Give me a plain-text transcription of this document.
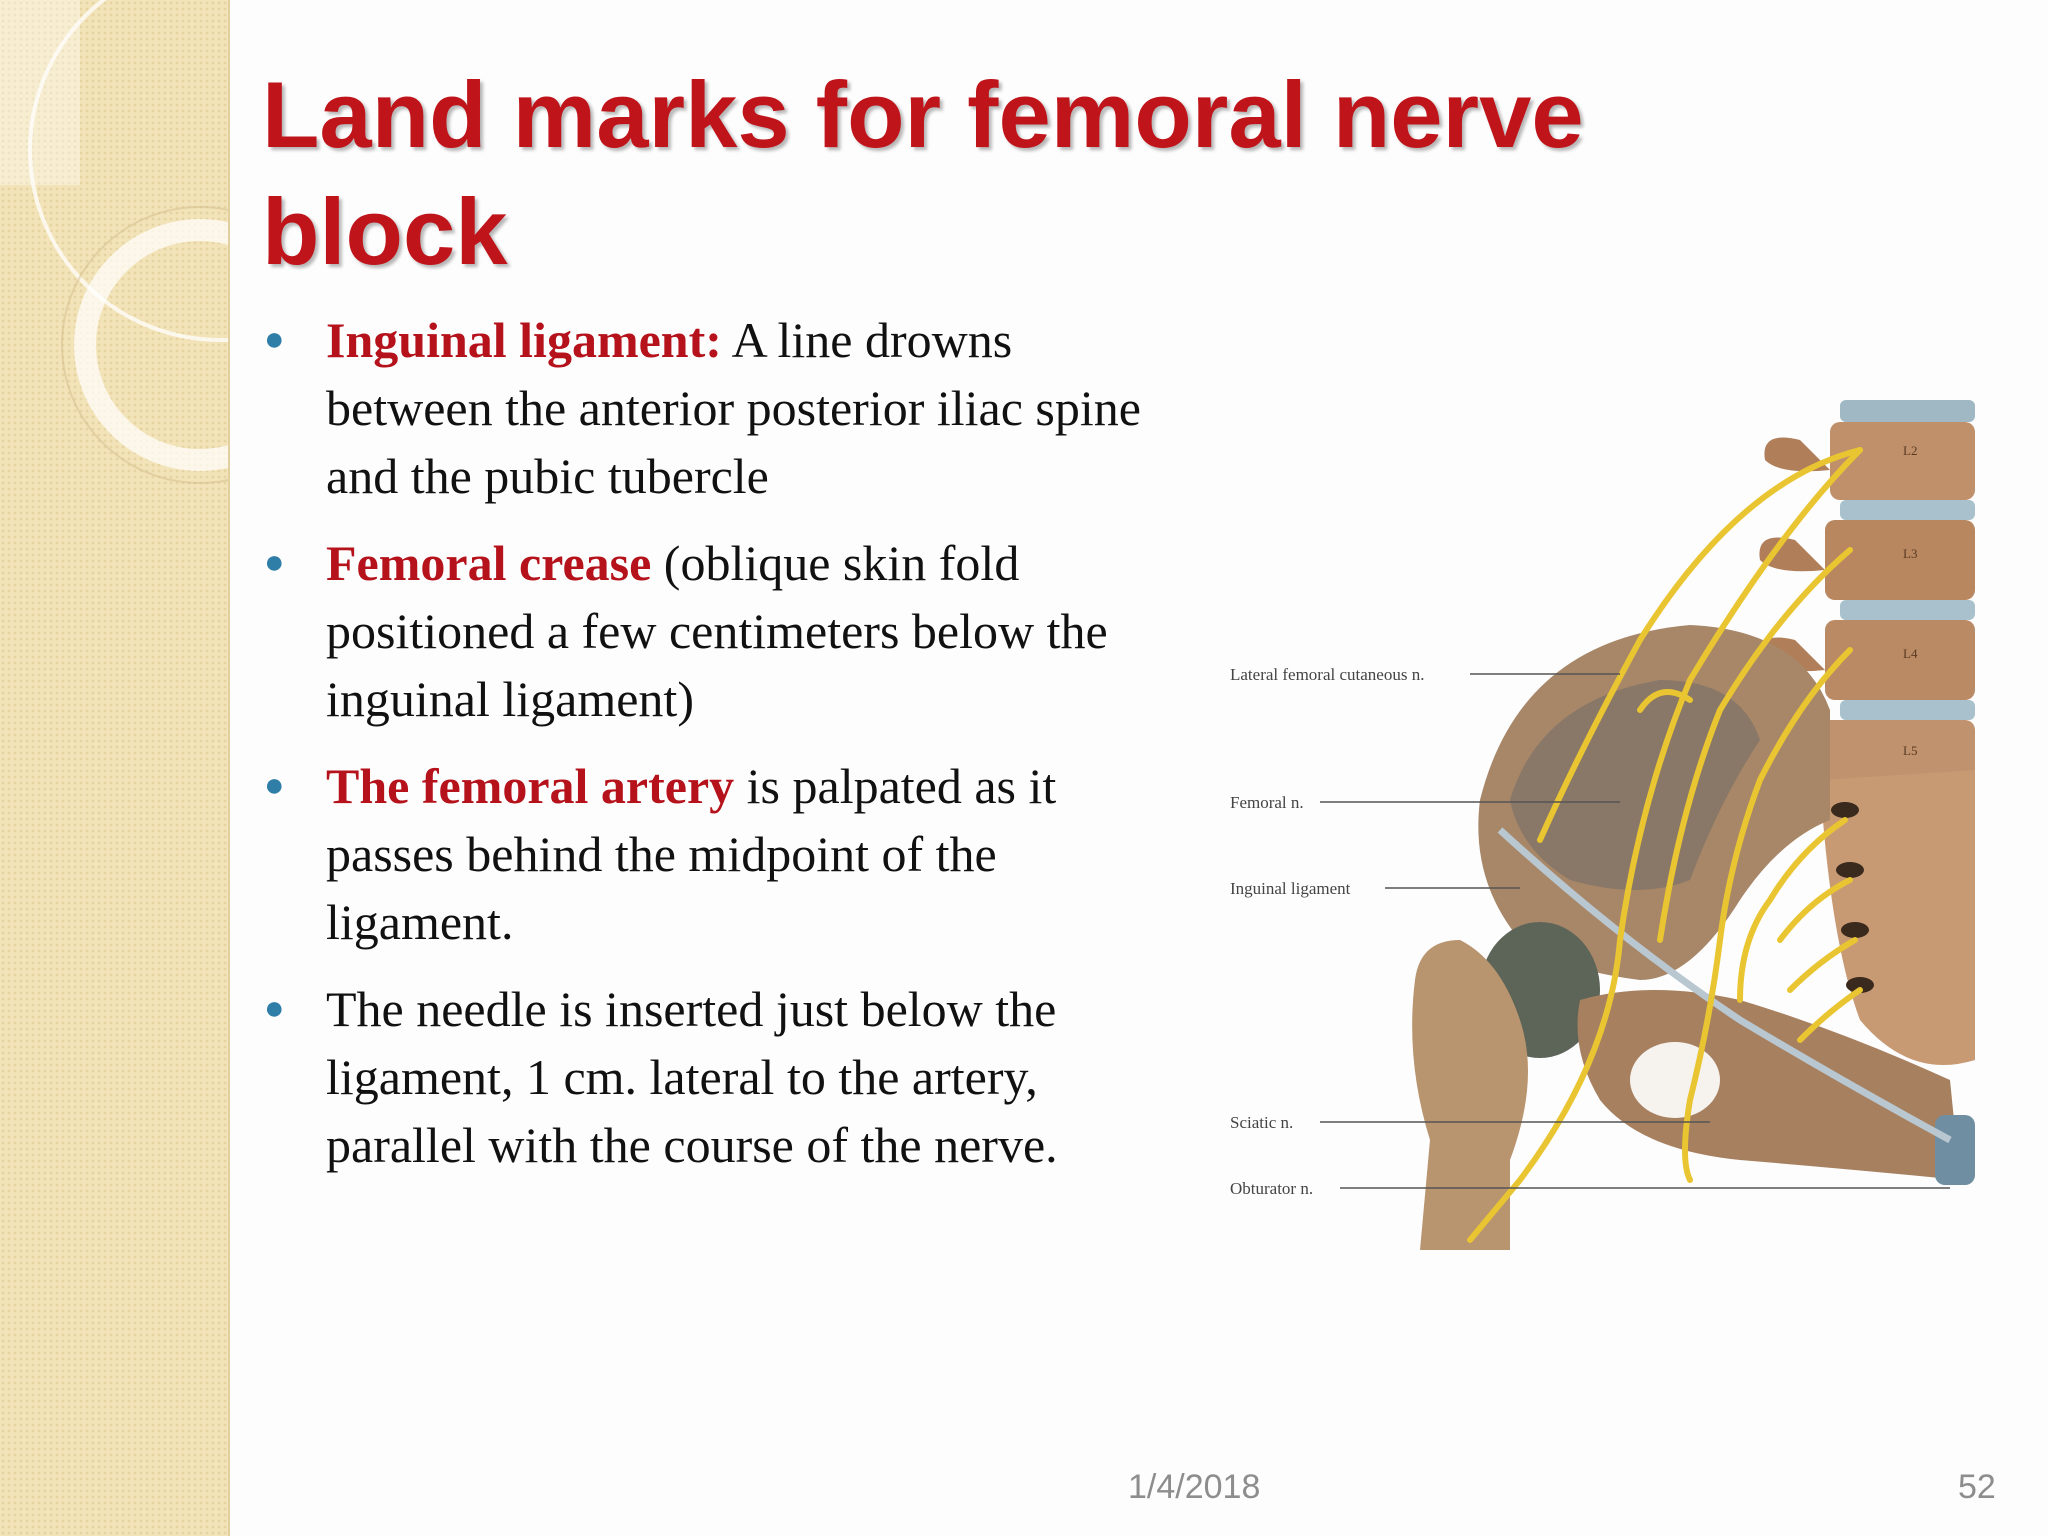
Land marks for femoral nerve block
● Inguinal ligament: A line drowns between the anterior posterior iliac spine and the pubic tubercle
● Femoral crease (oblique skin fold positioned a few centimeters below the inguinal ligament)
● The femoral artery is palpated as it passes behind the midpoint of the ligament.
● The needle is inserted just below the ligament, 1 cm. lateral to the artery, parallel with the course of the nerve.
L2
L3
L4
L5
Lateral femoral cutaneous n.
Femoral n.
Inguinal ligament
Sciatic n.
Obturator n.
1/4/2018	52
